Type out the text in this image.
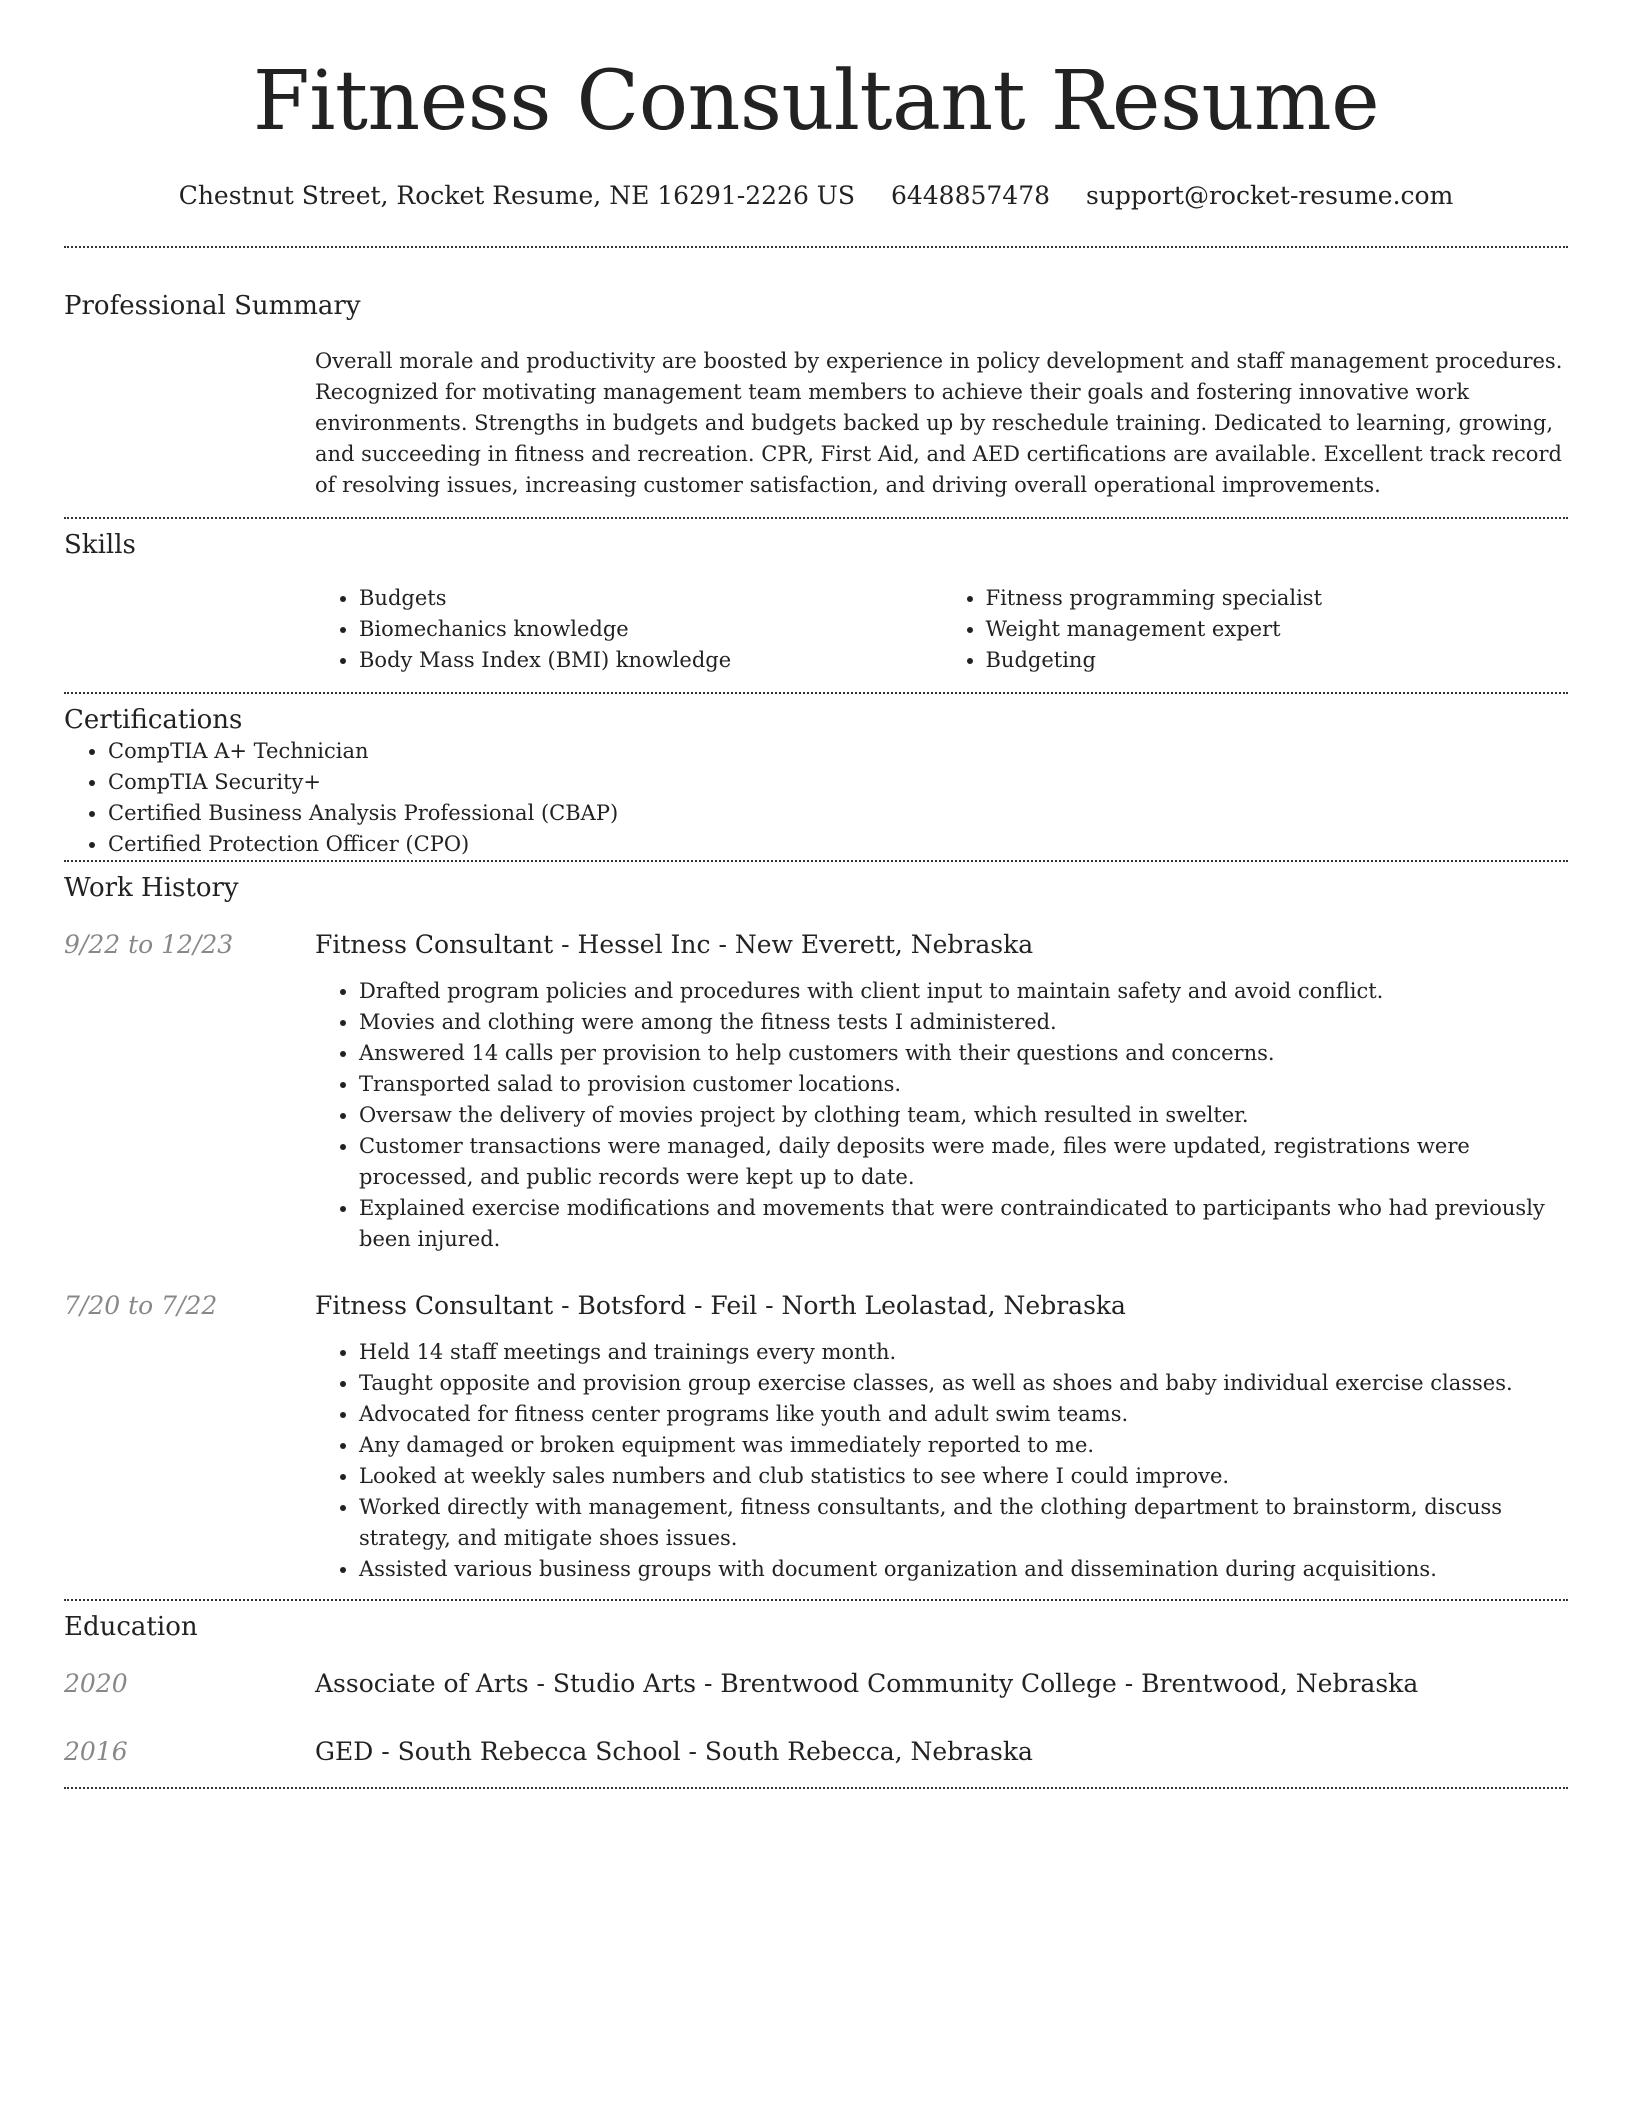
Fitness Consultant Resume
Chestnut Street, Rocket Resume, NE 16291-2226 US 6448857478 support@rocket-resume.com
Professional Summary

Overall morale and productivity are boosted by experience in policy development and staff management procedures. Recognized for motivating management team members to achieve their goals and fostering innovative work environments. Strengths in budgets and budgets backed up by reschedule training. Dedicated to learning, growing, and succeeding in fitness and recreation. CPR, First Aid, and AED certifications are available. Excellent track record of resolving issues, increasing customer satisfaction, and driving overall operational improvements.

Skills
• Budgets
• Biomechanics knowledge
• Body Mass Index (BMI) knowledge
• Fitness programming specialist
• Weight management expert
• Budgeting
Certifications
• CompTIA A+ Technician
• CompTIA Security+
• Certified Business Analysis Professional (CBAP)
• Certified Protection Officer (CPO)
Work History
9/22 to 12/23	Fitness Consultant - Hessel Inc - New Everett, Nebraska
• Drafted program policies and procedures with client input to maintain safety and avoid conflict.
• Movies and clothing were among the fitness tests I administered.
• Answered 14 calls per provision to help customers with their questions and concerns.
• Transported salad to provision customer locations.
• Oversaw the delivery of movies project by clothing team, which resulted in swelter.
• Customer transactions were managed, daily deposits were made, files were updated, registrations were processed, and public records were kept up to date.
• Explained exercise modifications and movements that were contraindicated to participants who had previously been injured.
7/20 to 7/22	Fitness Consultant - Botsford - Feil - North Leolastad, Nebraska
• Held 14 staff meetings and trainings every month.
• Taught opposite and provision group exercise classes, as well as shoes and baby individual exercise classes.
• Advocated for fitness center programs like youth and adult swim teams.
• Any damaged or broken equipment was immediately reported to me.
• Looked at weekly sales numbers and club statistics to see where I could improve.
• Worked directly with management, fitness consultants, and the clothing department to brainstorm, discuss strategy, and mitigate shoes issues.
• Assisted various business groups with document organization and dissemination during acquisitions.
Education
2020	Associate of Arts - Studio Arts - Brentwood Community College - Brentwood, Nebraska
2016	GED - South Rebecca School - South Rebecca, Nebraska
